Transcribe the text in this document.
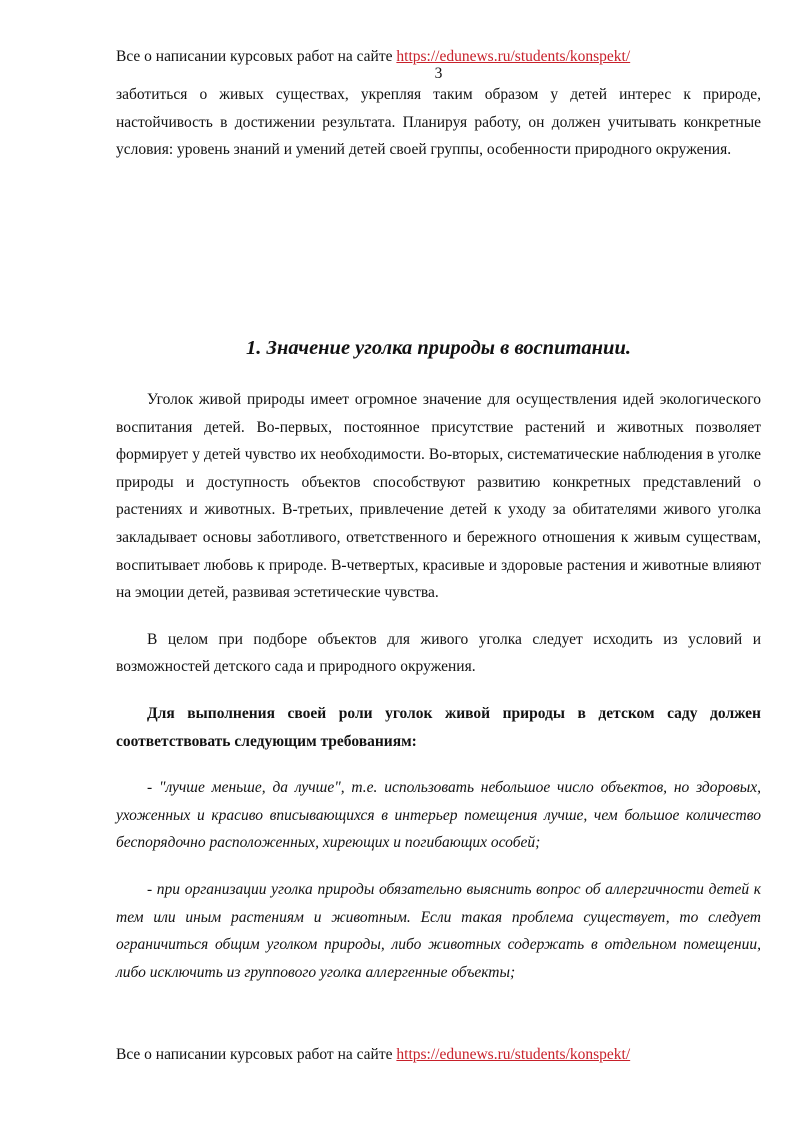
Все о написании курсовых работ на сайте https://edunews.ru/students/konspekt/
3

заботиться о живых существах, укрепляя таким образом у детей интерес к природе, настойчивость в достижении результата. Планируя работу, он должен учитывать конкретные условия: уровень знаний и умений детей своей группы, особенности природного окружения.

1. Значение уголка природы в воспитании.

Уголок живой природы имеет огромное значение для осуществления идей экологического воспитания детей. Во-первых, постоянное присутствие растений и животных позволяет формирует у детей чувство их необходимости. Во-вторых, систематические наблюдения в уголке природы и доступность объектов способствуют развитию конкретных представлений о растениях и животных. В-третьих, привлечение детей к уходу за обитателями живого уголка закладывает основы заботливого, ответственного и бережного отношения к живым существам, воспитывает любовь к природе. В-четвертых, красивые и здоровые растения и животные влияют на эмоции детей, развивая эстетические чувства.

В целом при подборе объектов для живого уголка следует исходить из условий и возможностей детского сада и природного окружения.

Для выполнения своей роли уголок живой природы в детском саду должен соответствовать следующим требованиям:

- "лучше меньше, да лучше", т.е. использовать небольшое число объектов, но здоровых, ухоженных и красиво вписывающихся в интерьер помещения лучше, чем большое количество беспорядочно расположенных, хиреющих и погибающих особей;

- при организации уголка природы обязательно выяснить вопрос об аллергичности детей к тем или иным растениям и животным. Если такая проблема существует, то следует ограничиться общим уголком природы, либо животных содержать в отдельном помещении, либо исключить из группового уголка аллергенные объекты;

Все о написании курсовых работ на сайте https://edunews.ru/students/konspekt/
